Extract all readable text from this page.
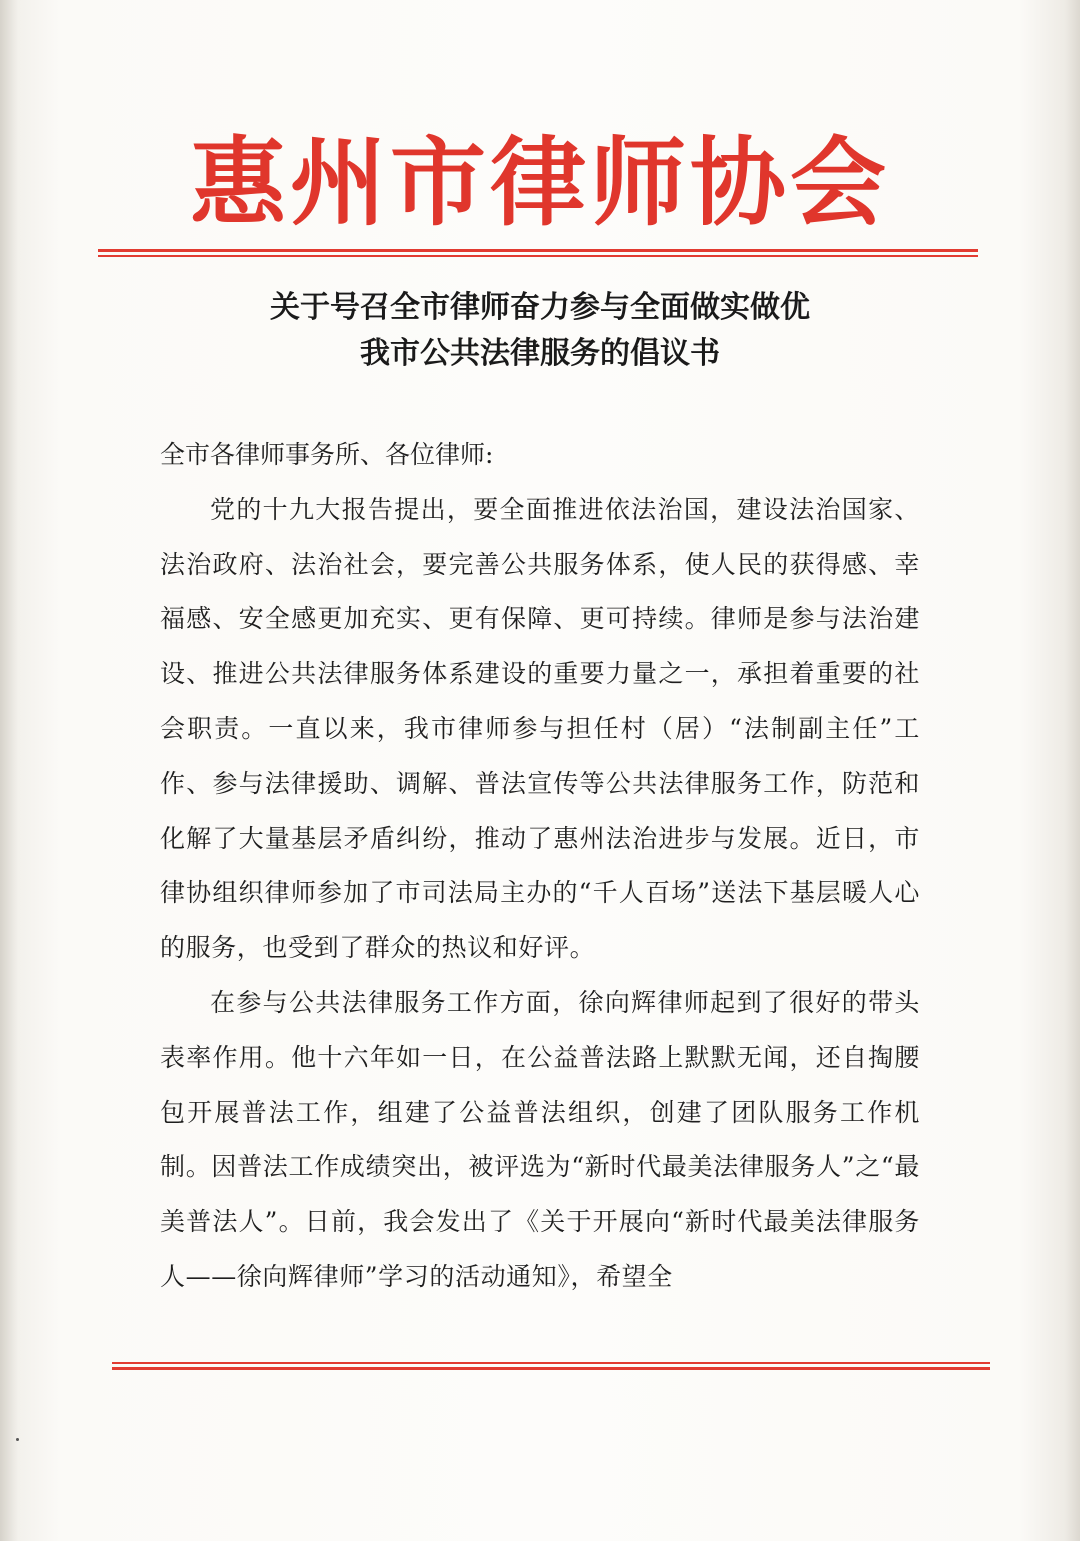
惠州市律师协会
关于号召全市律师奋力参与全面做实做优
我市公共法律服务的倡议书
全市各律师事务所、各位律师:

党的十九大报告提出，要全面推进依法治国，建设法治国家、法治政府、法治社会，要完善公共服务体系，使人民的获得感、幸福感、安全感更加充实、更有保障、更可持续。律师是参与法治建设、推进公共法律服务体系建设的重要力量之一，承担着重要的社会职责。一直以来，我市律师参与担任村（居）“法制副主任”工作、参与法律援助、调解、普法宣传等公共法律服务工作，防范和化解了大量基层矛盾纠纷，推动了惠州法治进步与发展。近日，市律协组织律师参加了市司法局主办的“千人百场”送法下基层暖人心的服务，也受到了群众的热议和好评。

在参与公共法律服务工作方面，徐向辉律师起到了很好的带头表率作用。他十六年如一日，在公益普法路上默默无闻，还自掏腰包开展普法工作，组建了公益普法组织，创建了团队服务工作机制。因普法工作成绩突出，被评选为“新时代最美法律服务人”之“最美普法人”。日前，我会发出了《关于开展向“新时代最美法律服务人——徐向辉律师”学习的活动通知》，希望全
